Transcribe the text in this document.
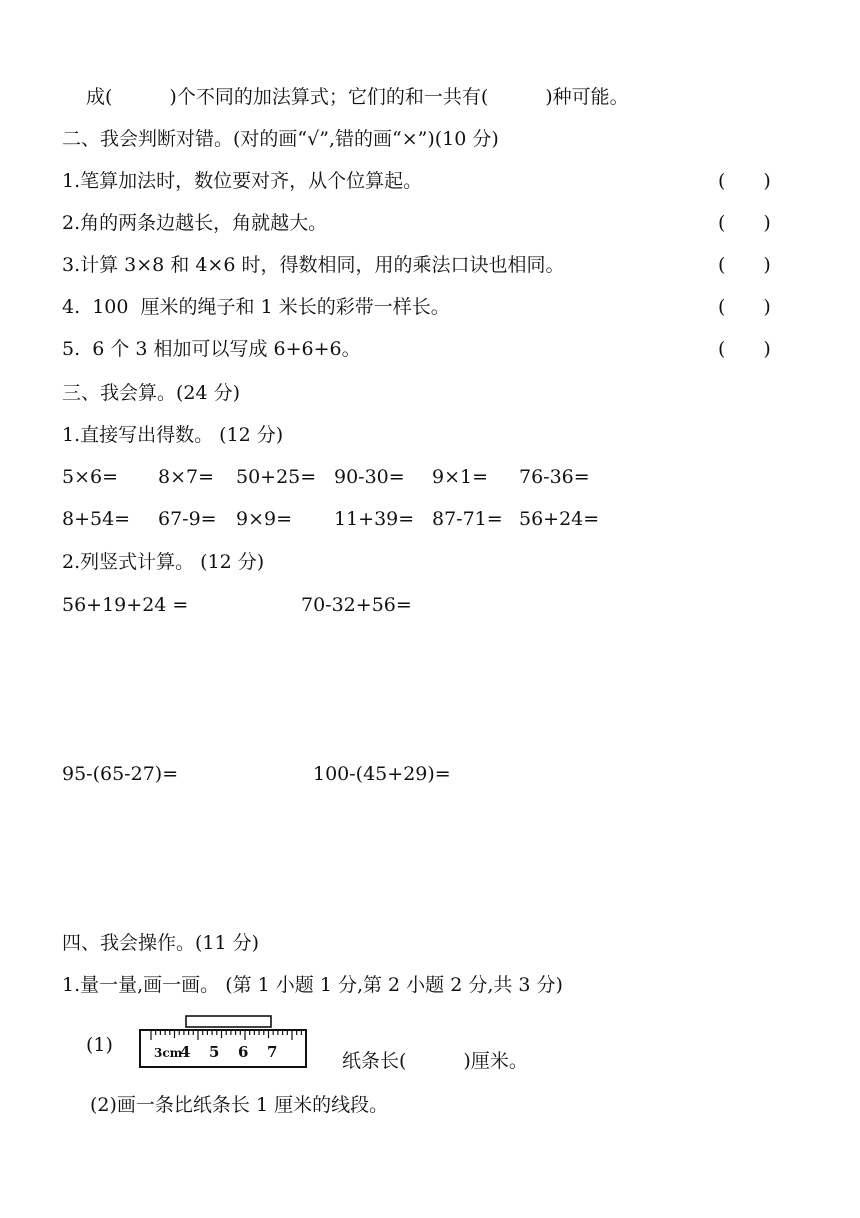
成(　　　)个不同的加法算式；它们的和一共有(　　　)种可能。
二、我会判断对错。(对的画“√”,错的画“×”)(10 分)
1.笔算加法时，数位要对齐，从个位算起。	(　　)
2.角的两条边越长，角就越大。	(　　)
3.计算 3×8 和 4×6 时，得数相同，用的乘法口诀也相同。	(　　)
4.  100  厘米的绳子和 1 米长的彩带一样长。	(　　)
5.  6 个 3 相加可以写成 6+6+6。	(　　)
三、我会算。(24 分)
1.直接写出得数。 (12 分)
5×6= 8×7= 50+25= 90-30= 9×1= 76-36=
8+54= 67-9= 9×9= 11+39= 87-71= 56+24=
2.列竖式计算。 (12 分)
56+19+24 =	70-32+56=
95-(65-27)=	100-(45+29)=
四、我会操作。(11 分)
1.量一量,画一画。 (第 1 小题 1 分,第 2 小题 2 分,共 3 分)
(1)	3cm
4 5 6 7	纸条长(　　　)厘米。
(2)画一条比纸条长 1 厘米的线段。
